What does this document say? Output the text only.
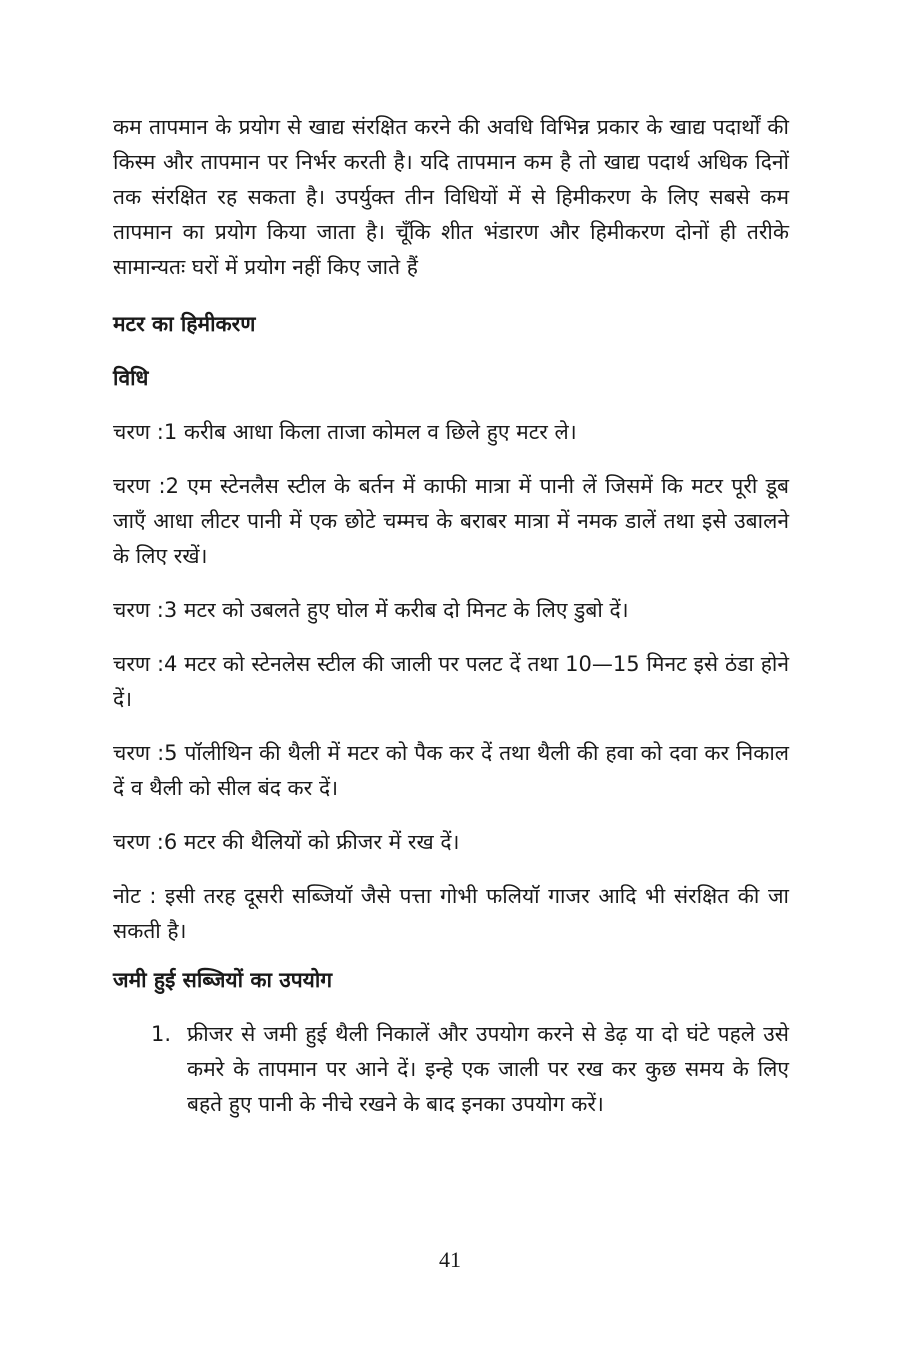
कम तापमान के प्रयोग से खाद्य संरक्षित करने की अवधि विभिन्न प्रकार के खाद्य पदार्थों की किस्म और तापमान पर निर्भर करती है। यदि तापमान कम है तो खाद्य पदार्थ अधिक दिनों तक संरक्षित रह सकता है। उपर्युक्त तीन विधियों में से हिमीकरण के लिए सबसे कम तापमान का प्रयोग किया जाता है। चूँकि शीत भंडारण और हिमीकरण दोनों ही तरीके सामान्यतः घरों में प्रयोग नहीं किए जाते हैं

मटर का हिमीकरण
विधि

चरण :1 करीब आधा किला ताजा कोमल व छिले हुए मटर ले।

चरण :2 एम स्टेनलैस स्टील के बर्तन में काफी मात्रा में पानी लें जिसमें कि मटर पूरी डूब जाएँ आधा लीटर पानी में एक छोटे चम्मच के बराबर मात्रा में नमक डालें तथा इसे उबालने के लिए रखें।

चरण :3 मटर को उबलते हुए घोल में करीब दो मिनट के लिए डुबो दें।

चरण :4 मटर को स्टेनलेस स्टील की जाली पर पलट दें तथा 10—15 मिनट इसे ठंडा होने दें।

चरण :5 पॉलीथिन की थैली में मटर को पैक कर दें तथा थैली की हवा को दवा कर निकाल दें व थैली को सील बंद कर दें।

चरण :6 मटर की थैलियों को फ्रीजर में रख दें।

नोट : इसी तरह दूसरी सब्जियॉ जैसे पत्ता गोभी फलियॉ गाजर आदि भी संरक्षित की जा सकती है।

जमी हुई सब्जियों का उपयोग
1. फ्रीजर से जमी हुई थैली निकालें और उपयोग करने से डेढ़ या दो घंटे पहले उसे कमरे के तापमान पर आने दें। इन्हे एक जाली पर रख कर कुछ समय के लिए बहते हुए पानी के नीचे रखने के बाद इनका उपयोग करें।

41
